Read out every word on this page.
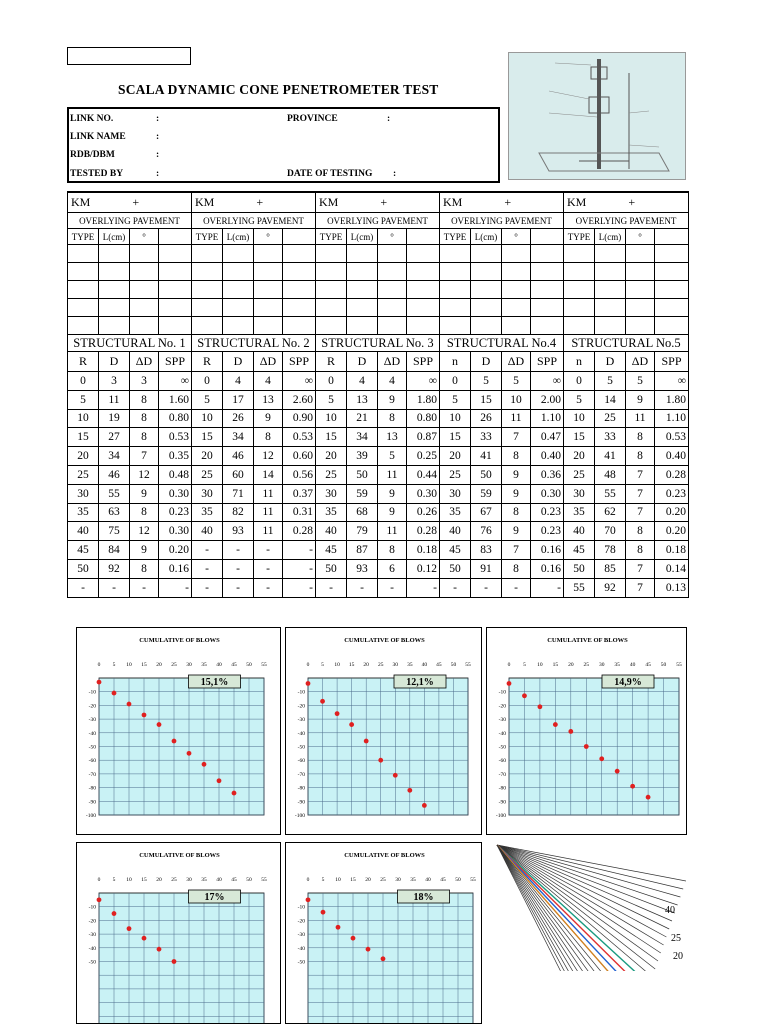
SCALA DYNAMIC CONE PENETROMETER TEST
LINK NO.	:
LINK NAME	:
RDB/DBM	:
TESTED BY	:
PROVINCE	:
DATE OF TESTING :
KM +			
OVERLYING PAVEMENT			
TYPE	L(cm)	°	

STRUCTURAL No. 1			
R	D	ΔD	SPP
0	3	3	∞
5	11	8	1.60
10	19	8	0.80
15	27	8	0.53
20	34	7	0.35
25	46	12	0.48
30	55	9	0.30
35	63	8	0.23
40	75	12	0.30
45	84	9	0.20
50	92	8	0.16
-	-	-	-
KM +			
OVERLYING PAVEMENT			
TYPE	L(cm)	°	

STRUCTURAL No. 2			
R	D	ΔD	SPP
0	4	4	∞
5	17	13	2.60
10	26	9	0.90
15	34	8	0.53
20	46	12	0.60
25	60	14	0.56
30	71	11	0.37
35	82	11	0.31
40	93	11	0.28
-	-	-	-
-	-	-	-
-	-	-	-
KM +			
OVERLYING PAVEMENT			
TYPE	L(cm)	°	

STRUCTURAL No. 3			
R	D	ΔD	SPP
0	4	4	∞
5	13	9	1.80
10	21	8	0.80
15	34	13	0.87
20	39	5	0.25
25	50	11	0.44
30	59	9	0.30
35	68	9	0.26
40	79	11	0.28
45	87	8	0.18
50	93	6	0.12
-	-	-	-
KM +			
OVERLYING PAVEMENT			
TYPE	L(cm)	°	

STRUCTURAL No.4			
n	D	ΔD	SPP
0	5	5	∞
5	15	10	2.00
10	26	11	1.10
15	33	7	0.47
20	41	8	0.40
25	50	9	0.36
30	59	9	0.30
35	67	8	0.23
40	76	9	0.23
45	83	7	0.16
50	91	8	0.16
-	-	-	-
KM +			
OVERLYING PAVEMENT			
TYPE	L(cm)	°	

STRUCTURAL No.5			
n	D	ΔD	SPP
0	5	5	∞
5	14	9	1.80
10	25	11	1.10
15	33	8	0.53
20	41	8	0.40
25	48	7	0.28
30	55	7	0.23
35	62	7	0.20
40	70	8	0.20
45	78	8	0.18
50	85	7	0.14
55	92	7	0.13
CUMULATIVE OF BLOWS
0 5 10 15 20 25 30 35 40 45 50 55
-10
-20
-30
-40
-50
-60
-70
-80
-90
-100
15,1%
CUMULATIVE OF BLOWS
0 5 10 15 20 25 30 35 40 45 50 55
-10
-20
-30
-40
-50
-60
-70
-80
-90
-100
12,1%
CUMULATIVE OF BLOWS
0 5 10 15 20 25 30 35 40 45 50 55
-10
-20
-30
-40
-50
-60
-70
-80
-90
-100
14,9%
CUMULATIVE OF BLOWS
0 5 10 15 20 25 30 35 40 45 50 55
-10
-20
-30
-40
-50
17%
CUMULATIVE OF BLOWS
0 5 10 15 20 25 30 35 40 45 50 55
-10
-20
-30
-40
-50
18%
40
25
20
